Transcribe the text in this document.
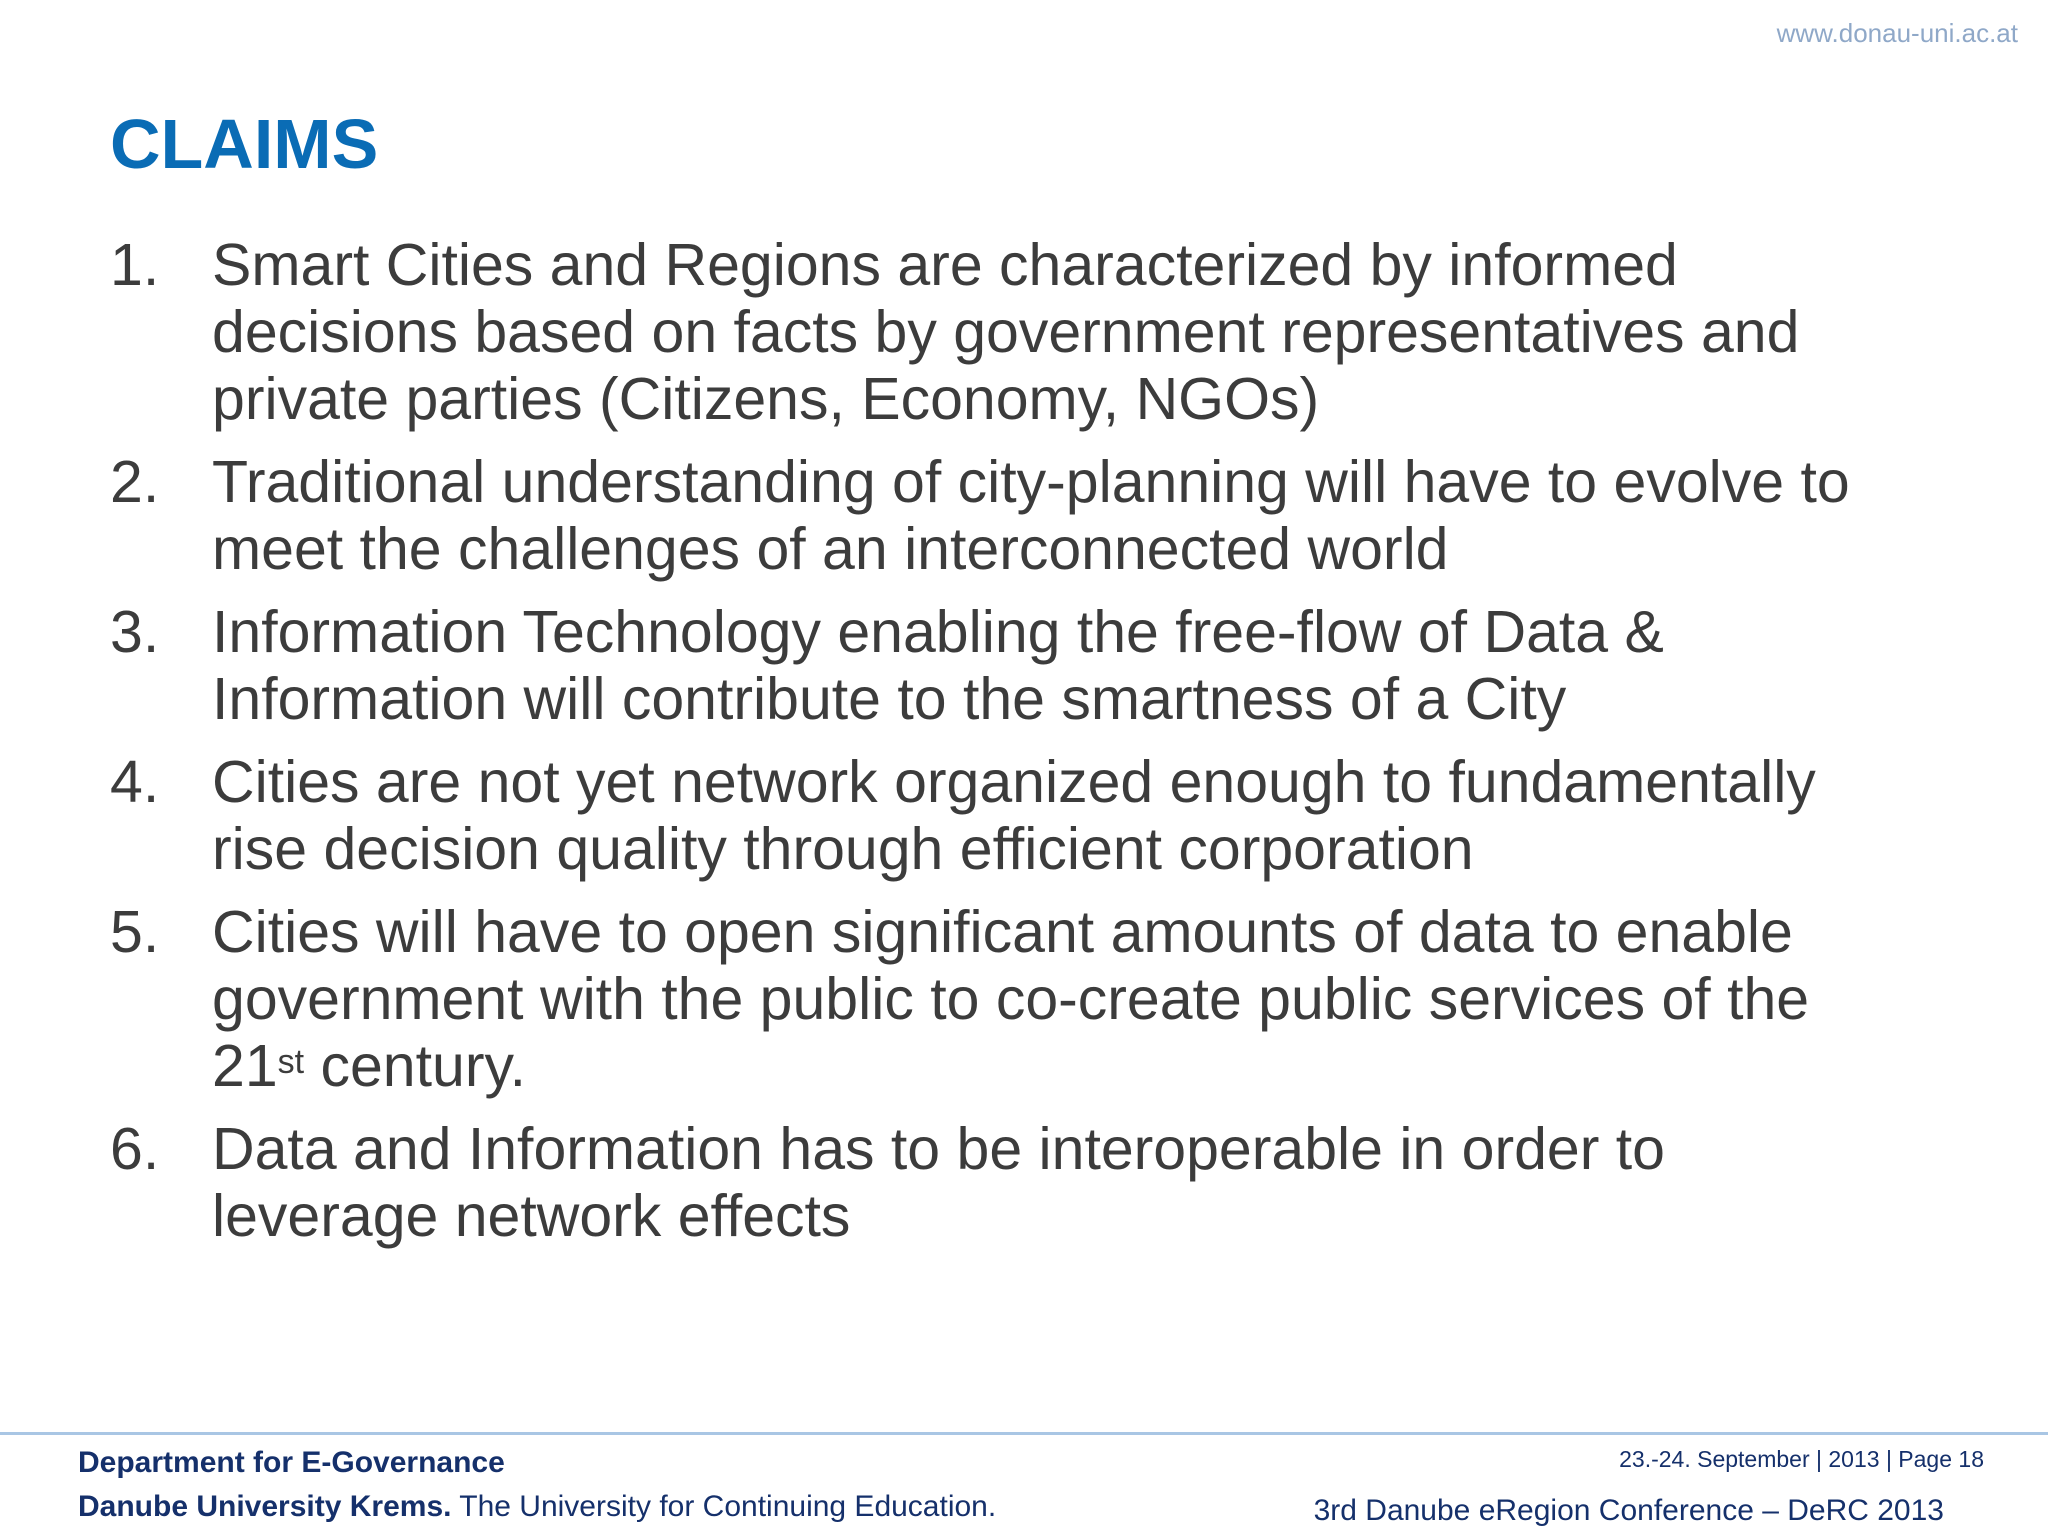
www.donau-uni.ac.at
CLAIMS
1. Smart Cities and Regions are characterized by informed
decisions based on facts by government representatives and
private parties (Citizens, Economy, NGOs)
2. Traditional understanding of city-planning will have to evolve to
meet the challenges of an interconnected world
3. Information Technology enabling the free-flow of Data &
Information will contribute to the smartness of a City
4. Cities are not yet network organized enough to fundamentally
rise decision quality through efficient corporation
5. Cities will have to open significant amounts of data to enable
government with the public to co-create public services of the
21st century.
6. Data and Information has to be interoperable in order to
leverage network effects
Department for E-Governance
Danube University Krems. The University for Continuing Education.
23.-24. September | 2013 | Page 18
3rd Danube eRegion Conference – DeRC 2013
